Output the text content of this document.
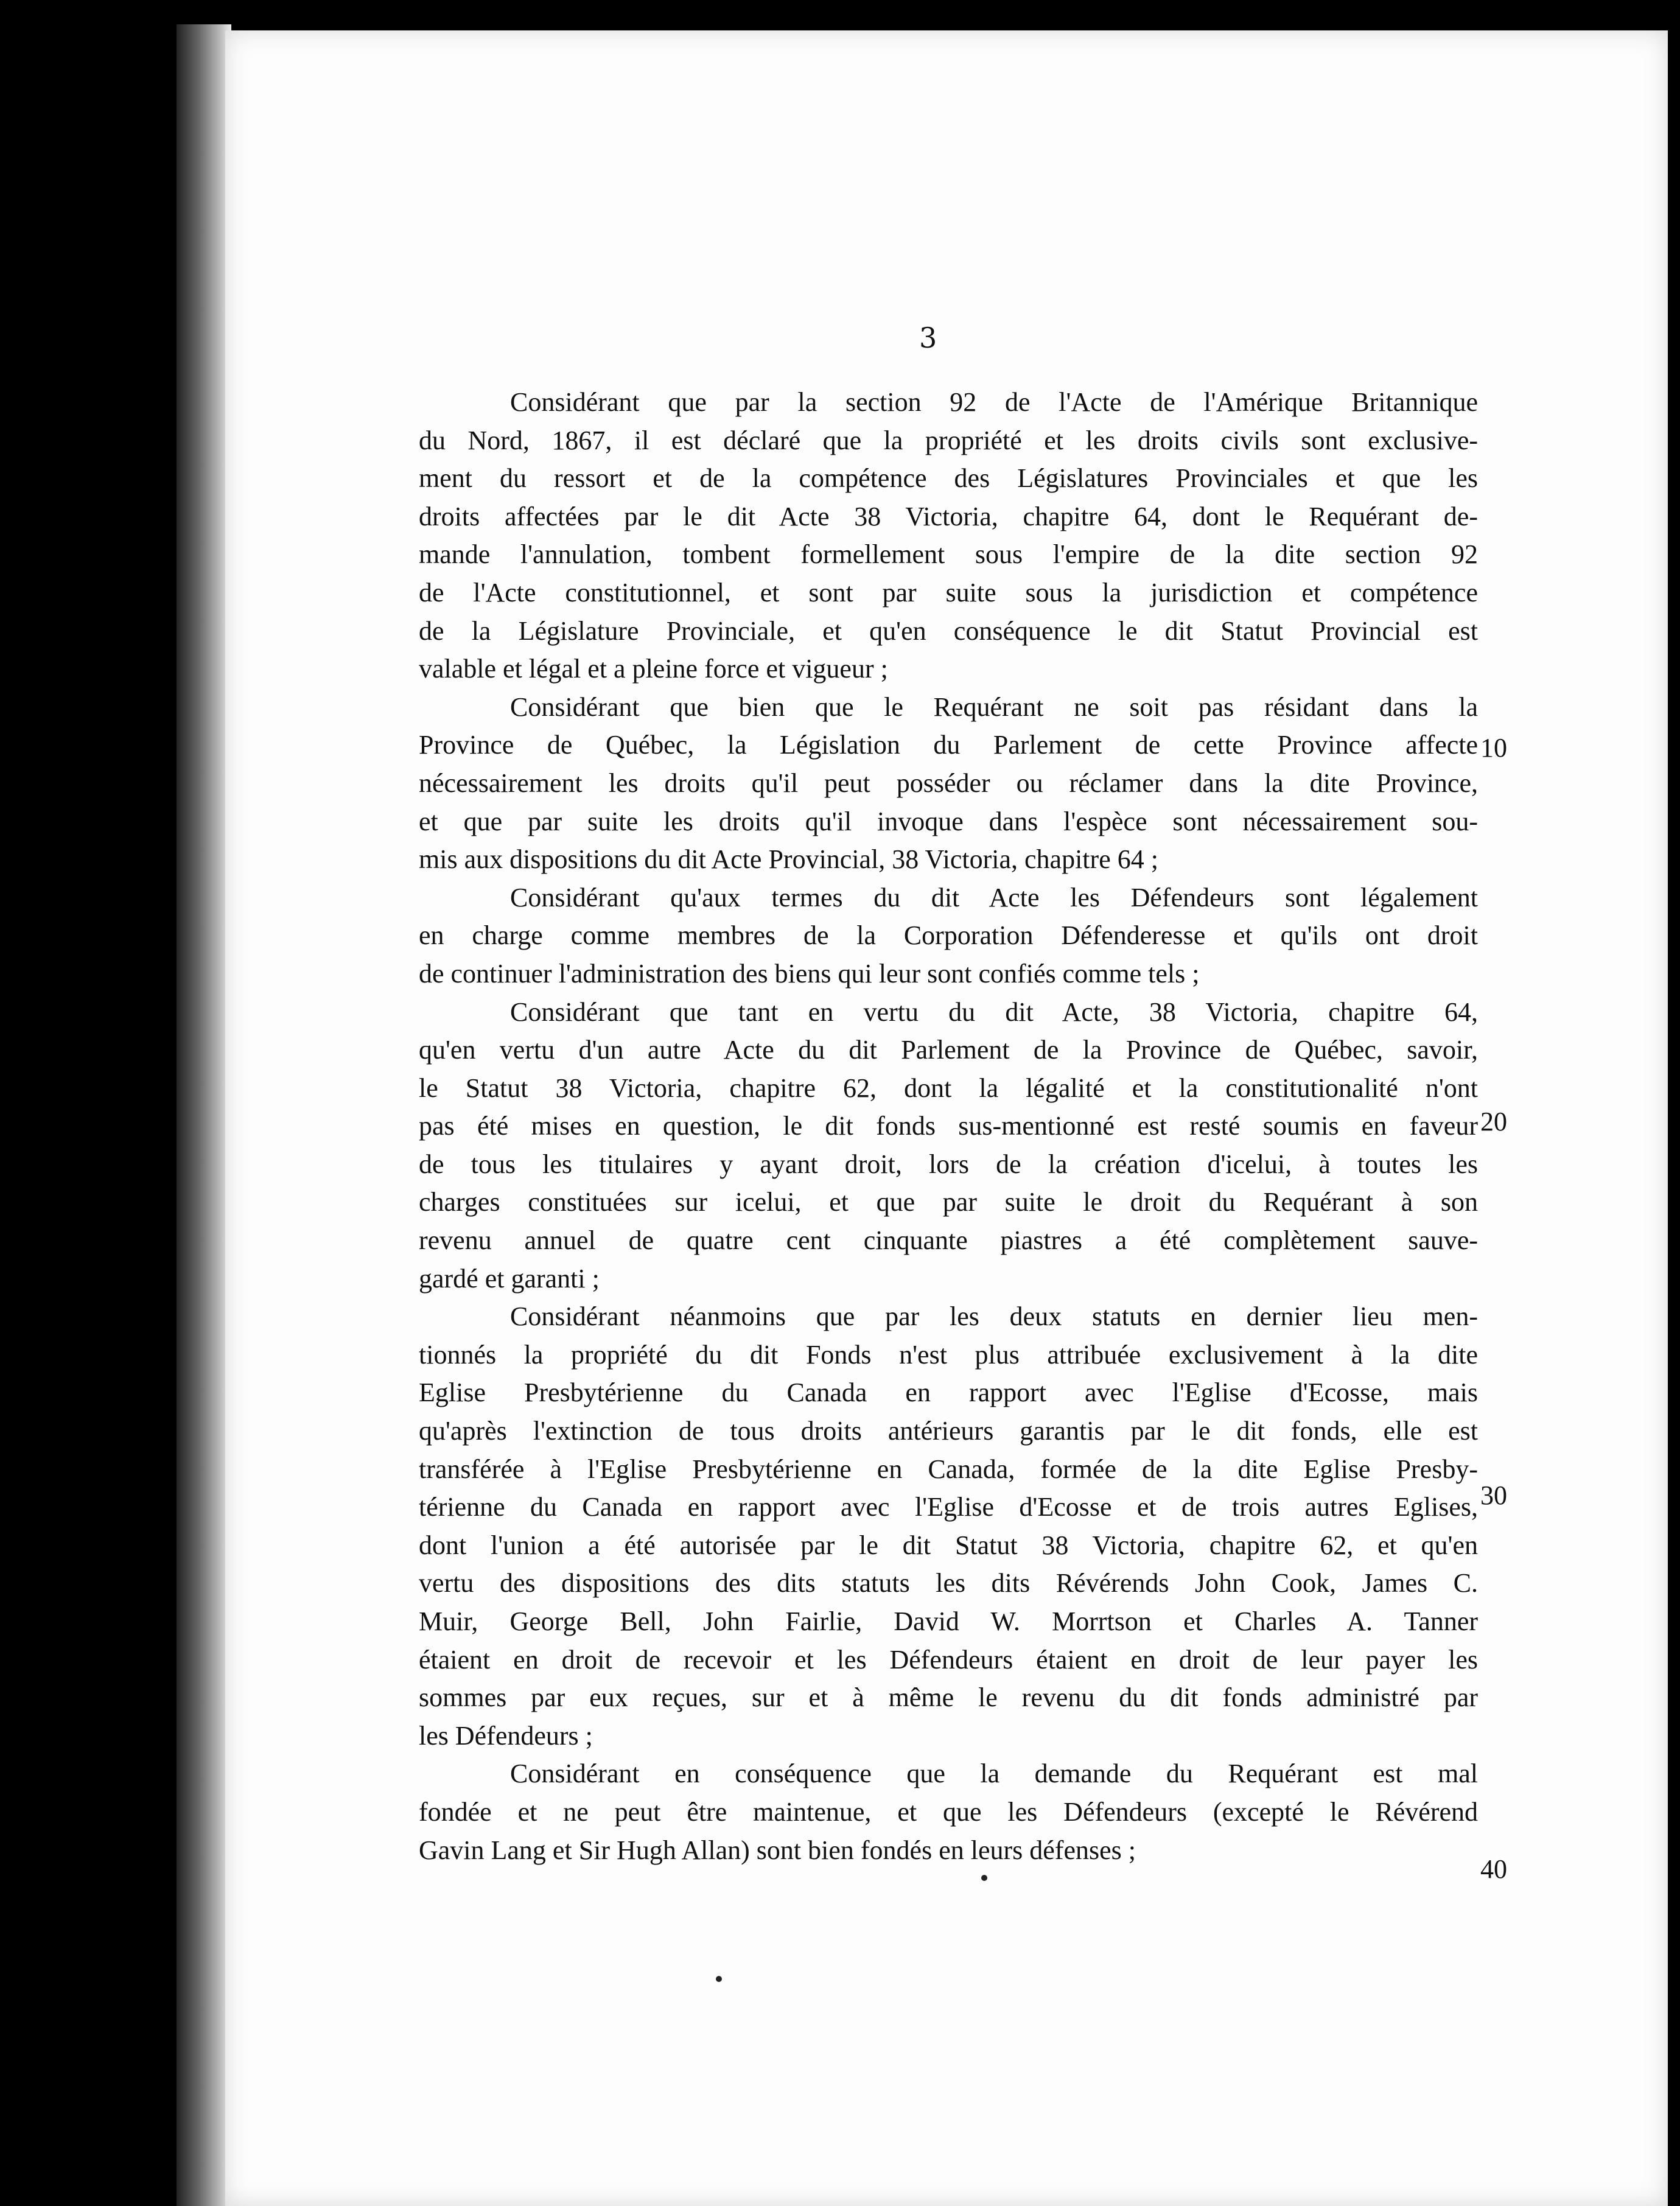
3
Considérant que par la section 92 de l'Acte de l'Amérique Britannique
du Nord, 1867, il est déclaré que la propriété et les droits civils sont exclusive-
ment du ressort et de la compétence des Législatures Provinciales et que les
droits affectées par le dit Acte 38 Victoria, chapitre 64, dont le Requérant de-
mande l'annulation, tombent formellement sous l'empire de la dite section 92
de l'Acte constitutionnel, et sont par suite sous la jurisdiction et compétence
de la Législature Provinciale, et qu'en conséquence le dit Statut Provincial est
valable et légal et a pleine force et vigueur ;
Considérant que bien que le Requérant ne soit pas résidant dans la
Province de Québec, la Législation du Parlement de cette Province affecte
nécessairement les droits qu'il peut posséder ou réclamer dans la dite Province,
et que par suite les droits qu'il invoque dans l'espèce sont nécessairement sou-
mis aux dispositions du dit Acte Provincial, 38 Victoria, chapitre 64 ;
Considérant qu'aux termes du dit Acte les Défendeurs sont légalement
en charge comme membres de la Corporation Défenderesse et qu'ils ont droit
de continuer l'administration des biens qui leur sont confiés comme tels ;
Considérant que tant en vertu du dit Acte, 38 Victoria, chapitre 64,
qu'en vertu d'un autre Acte du dit Parlement de la Province de Québec, savoir,
le Statut 38 Victoria, chapitre 62, dont la légalité et la constitutionalité n'ont
pas été mises en question, le dit fonds sus-mentionné est resté soumis en faveur
de tous les titulaires y ayant droit, lors de la création d'icelui, à toutes les
charges constituées sur icelui, et que par suite le droit du Requérant à son
revenu annuel de quatre cent cinquante piastres a été complètement sauve-
gardé et garanti ;
Considérant néanmoins que par les deux statuts en dernier lieu men-
tionnés la propriété du dit Fonds n'est plus attribuée exclusivement à la dite
Eglise Presbytérienne du Canada en rapport avec l'Eglise d'Ecosse, mais
qu'après l'extinction de tous droits antérieurs garantis par le dit fonds, elle est
transférée à l'Eglise Presbytérienne en Canada, formée de la dite Eglise Presby-
térienne du Canada en rapport avec l'Eglise d'Ecosse et de trois autres Eglises,
dont l'union a été autorisée par le dit Statut 38 Victoria, chapitre 62, et qu'en
vertu des dispositions des dits statuts les dits Révérends John Cook, James C.
Muir, George Bell, John Fairlie, David W. Morrtson et Charles A. Tanner
étaient en droit de recevoir et les Défendeurs étaient en droit de leur payer les
sommes par eux reçues, sur et à même le revenu du dit fonds administré par
les Défendeurs ;
Considérant en conséquence que la demande du Requérant est mal
fondée et ne peut être maintenue, et que les Défendeurs (excepté le Révérend
Gavin Lang et Sir Hugh Allan) sont bien fondés en leurs défenses ;
10
20
30
40
